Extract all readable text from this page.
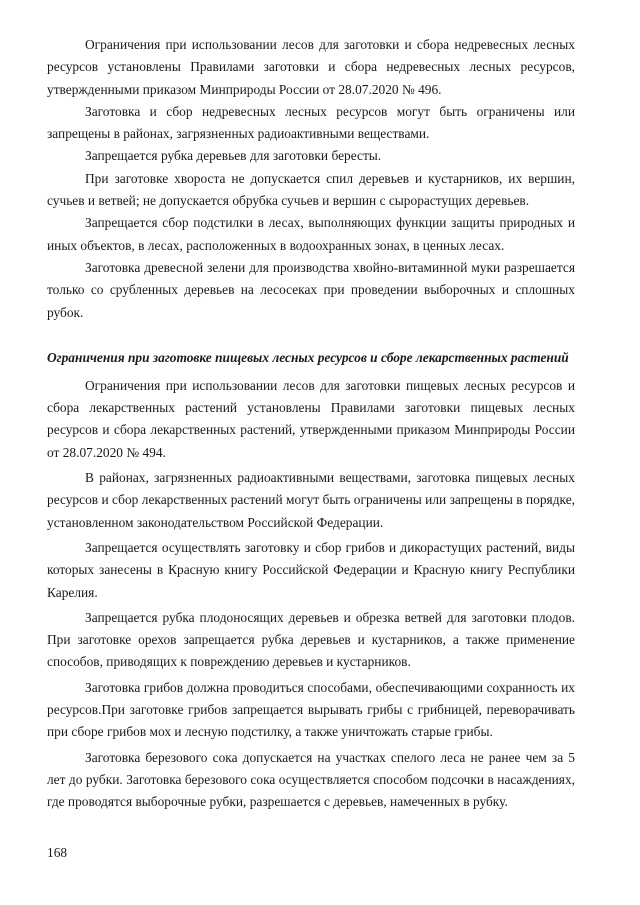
Ограничения при использовании лесов для заготовки и сбора недревесных лесных ресурсов установлены Правилами заготовки и сбора недревесных лесных ресурсов, утвержденными приказом Минприроды России от 28.07.2020 № 496.

Заготовка и сбор недревесных лесных ресурсов могут быть ограничены или запрещены в районах, загрязненных радиоактивными веществами.

Запрещается рубка деревьев для заготовки бересты.

При заготовке хвороста не допускается спил деревьев и кустарников, их вершин, сучьев и ветвей; не допускается обрубка сучьев и вершин с сырорастущих деревьев.

Запрещается сбор подстилки в лесах, выполняющих функции защиты природных и иных объектов, в лесах, расположенных в водоохранных зонах, в ценных лесах.

Заготовка древесной зелени для производства хвойно-витаминной муки разрешается только со срубленных деревьев на лесосеках при проведении выборочных и сплошных рубок.

Ограничения при заготовке пищевых лесных ресурсов и сборе лекарственных растений

Ограничения при использовании лесов для заготовки пищевых лесных ресурсов и сбора лекарственных растений установлены Правилами заготовки пищевых лесных ресурсов и сбора лекарственных растений, утвержденными приказом Минприроды России от 28.07.2020 № 494.

В районах, загрязненных радиоактивными веществами, заготовка пищевых лесных ресурсов и сбор лекарственных растений могут быть ограничены или запрещены в порядке, установленном законодательством Российской Федерации.

Запрещается осуществлять заготовку и сбор грибов и дикорастущих растений, виды которых занесены в Красную книгу Российской Федерации и Красную книгу Республики Карелия.

Запрещается рубка плодоносящих деревьев и обрезка ветвей для заготовки плодов. При заготовке орехов запрещается рубка деревьев и кустарников, а также применение способов, приводящих к повреждению деревьев и кустарников.

Заготовка грибов должна проводиться способами, обеспечивающими сохранность их ресурсов.При заготовке грибов запрещается вырывать грибы с грибницей, переворачивать при сборе грибов мох и лесную подстилку, а также уничтожать старые грибы.

Заготовка березового сока допускается на участках спелого леса не ранее чем за 5 лет до рубки. Заготовка березового сока осуществляется способом подсочки в насаждениях, где проводятся выборочные рубки, разрешается с деревьев, намеченных в рубку.

168
